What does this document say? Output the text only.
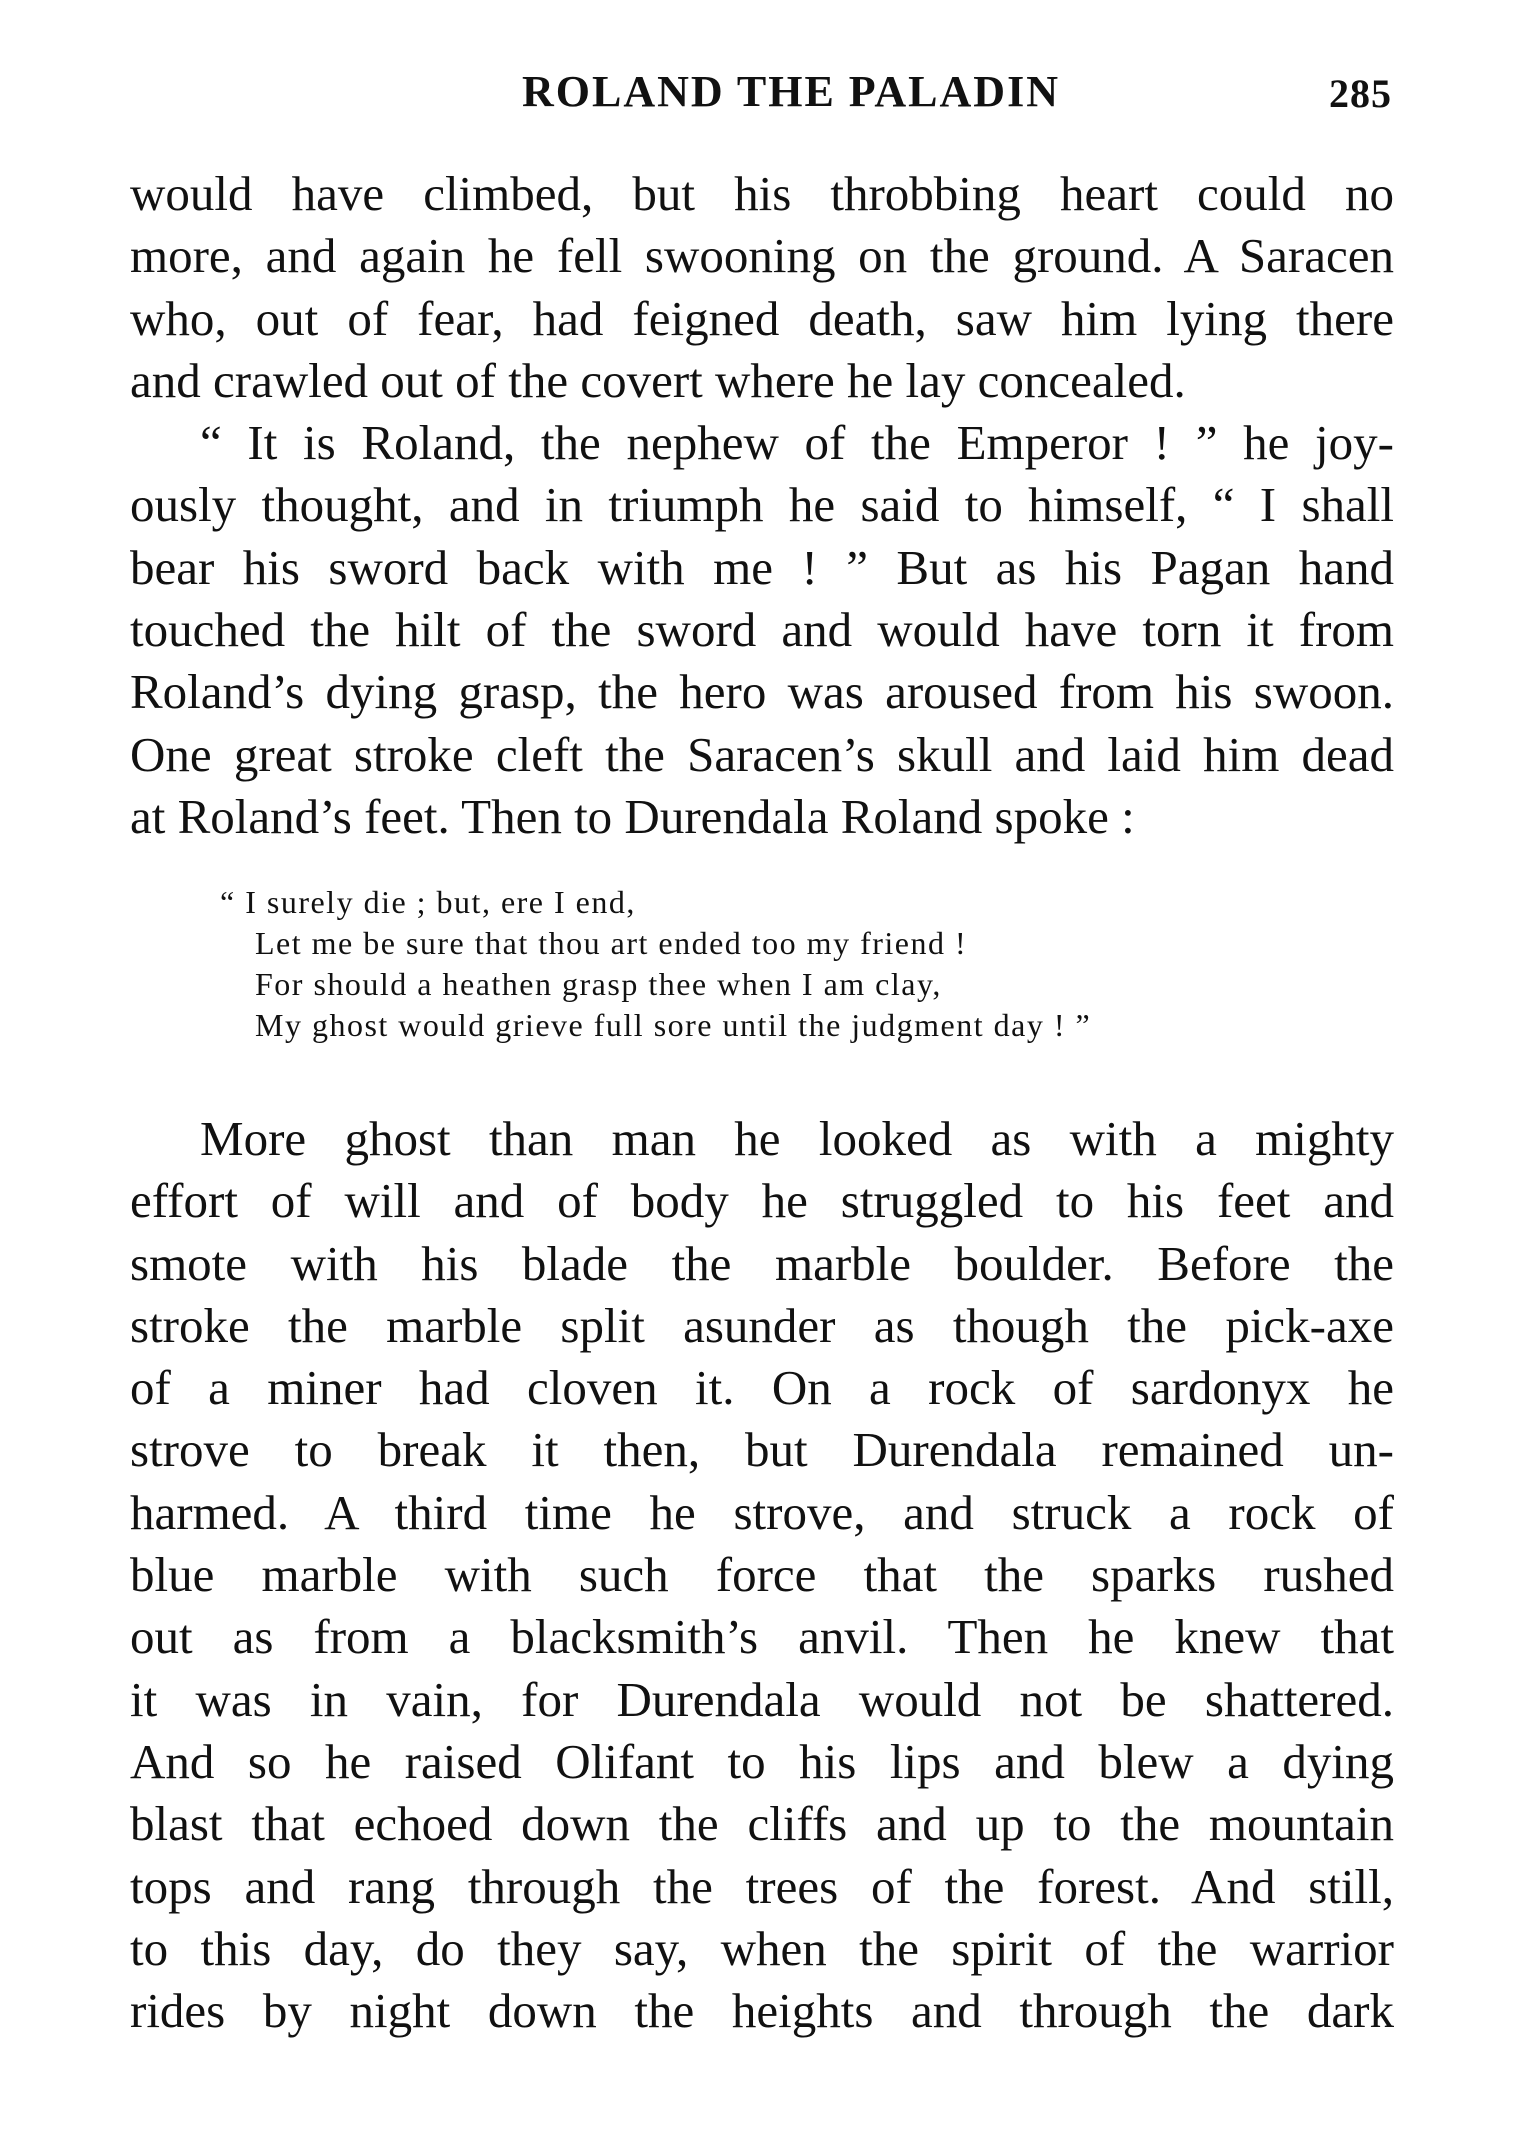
ROLAND THE PALADIN	285
would have climbed, but his throbbing heart could no
more, and again he fell swooning on the ground. A Saracen
who, out of fear, had feigned death, saw him lying there
and crawled out of the covert where he lay concealed.
“ It is Roland, the nephew of the Emperor ! ” he joy-
ously thought, and in triumph he said to himself, “ I shall
bear his sword back with me ! ” But as his Pagan hand
touched the hilt of the sword and would have torn it from
Roland’s dying grasp, the hero was aroused from his swoon.
One great stroke cleft the Saracen’s skull and laid him dead
at Roland’s feet. Then to Durendala Roland spoke :
“ I surely die ; but, ere I end,
Let me be sure that thou art ended too my friend !
For should a heathen grasp thee when I am clay,
My ghost would grieve full sore until the judgment day ! ”
More ghost than man he looked as with a mighty
effort of will and of body he struggled to his feet and
smote with his blade the marble boulder. Before the
stroke the marble split asunder as though the pick-axe
of a miner had cloven it. On a rock of sardonyx he
strove to break it then, but Durendala remained un-
harmed. A third time he strove, and struck a rock of
blue marble with such force that the sparks rushed
out as from a blacksmith’s anvil. Then he knew that
it was in vain, for Durendala would not be shattered.
And so he raised Olifant to his lips and blew a dying
blast that echoed down the cliffs and up to the mountain
tops and rang through the trees of the forest. And still,
to this day, do they say, when the spirit of the warrior
rides by night down the heights and through the dark
